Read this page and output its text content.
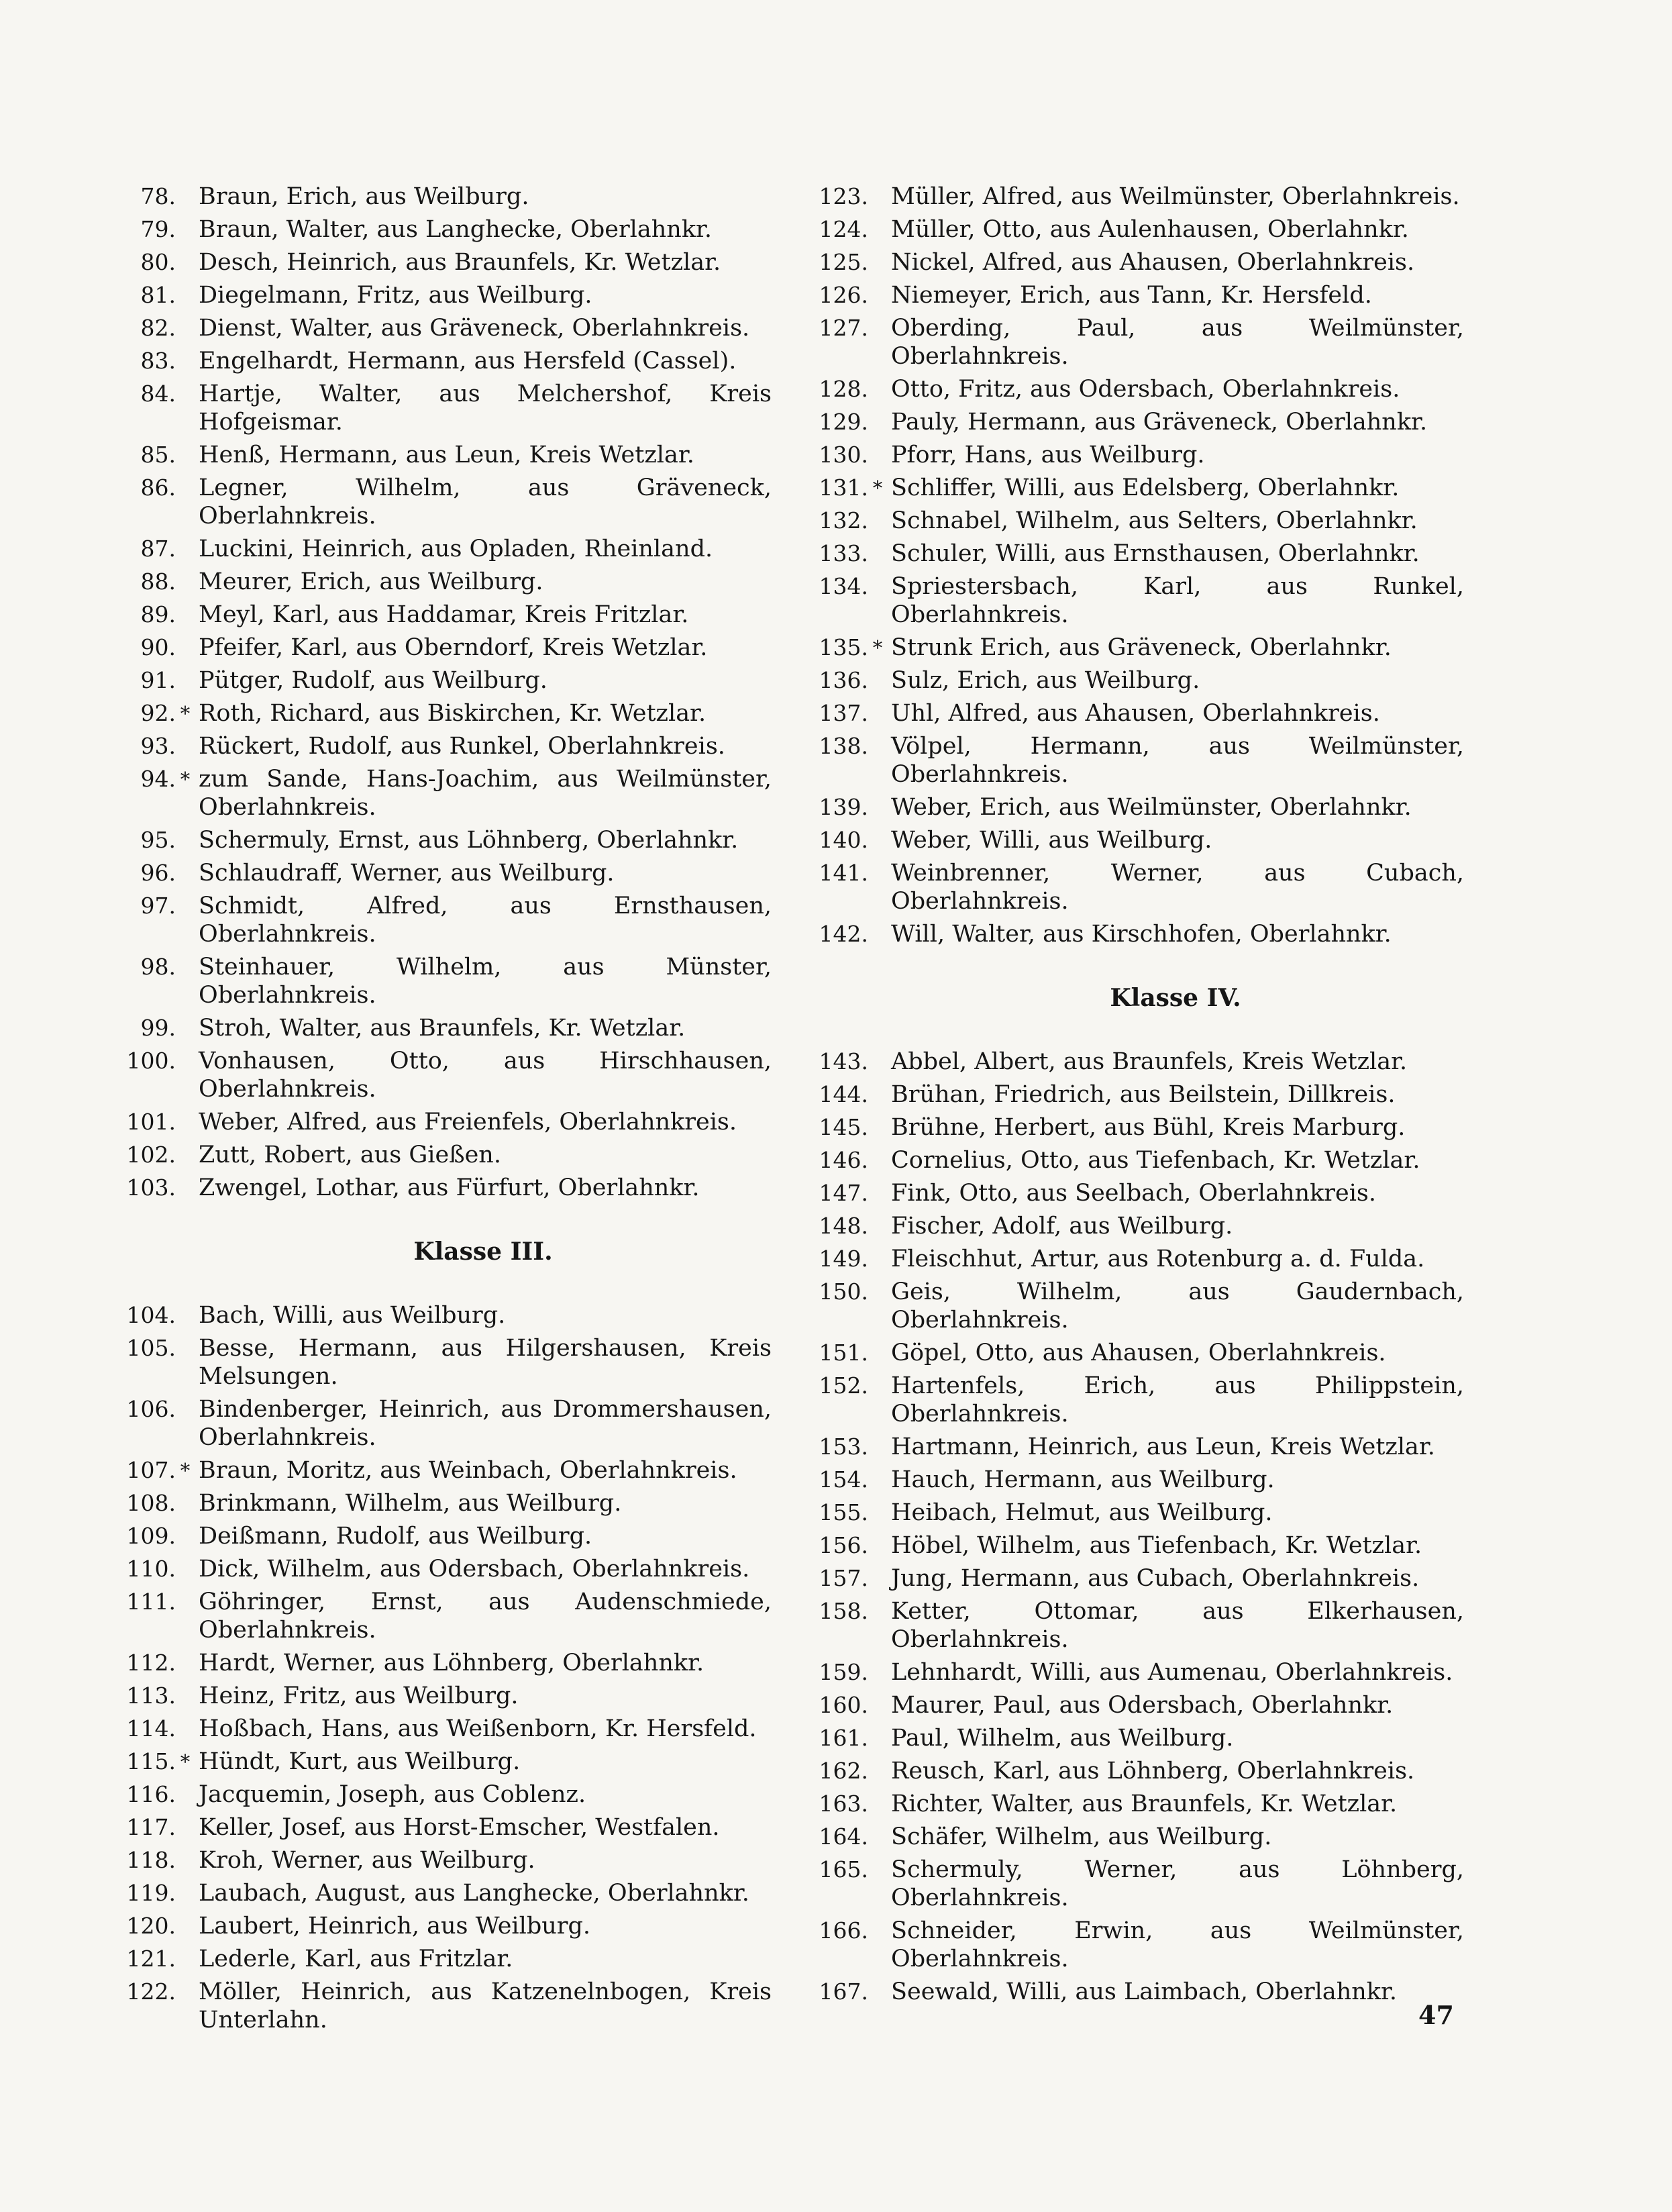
78. Braun, Erich, aus Weilburg.
79. Braun, Walter, aus Langhecke, Oberlahnkr.
80. Desch, Heinrich, aus Braunfels, Kr. Wetzlar.
81. Diegelmann, Fritz, aus Weilburg.
82. Dienst, Walter, aus Gräveneck, Oberlahnkreis.
83. Engelhardt, Hermann, aus Hersfeld (Cassel).
84. Hartje, Walter, aus Melchershof, Kreis Hofgeismar.
85. Henß, Hermann, aus Leun, Kreis Wetzlar.
86. Legner, Wilhelm, aus Gräveneck, Oberlahnkreis.
87. Luckini, Heinrich, aus Opladen, Rheinland.
88. Meurer, Erich, aus Weilburg.
89. Meyl, Karl, aus Haddamar, Kreis Fritzlar.
90. Pfeifer, Karl, aus Oberndorf, Kreis Wetzlar.
91. Pütger, Rudolf, aus Weilburg.
92. * Roth, Richard, aus Biskirchen, Kr. Wetzlar.
93. Rückert, Rudolf, aus Runkel, Oberlahnkreis.
94. * zum Sande, Hans-Joachim, aus Weilmünster, Oberlahnkreis.
95. Schermuly, Ernst, aus Löhnberg, Oberlahnkr.
96. Schlaudraff, Werner, aus Weilburg.
97. Schmidt, Alfred, aus Ernsthausen, Oberlahnkreis.
98. Steinhauer, Wilhelm, aus Münster, Oberlahnkreis.
99. Stroh, Walter, aus Braunfels, Kr. Wetzlar.
100. Vonhausen, Otto, aus Hirschhausen, Oberlahnkreis.
101. Weber, Alfred, aus Freienfels, Oberlahnkreis.
102. Zutt, Robert, aus Gießen.
103. Zwengel, Lothar, aus Fürfurt, Oberlahnkr.
Klasse III.
104. Bach, Willi, aus Weilburg.
105. Besse, Hermann, aus Hilgershausen, Kreis Melsungen.
106. Bindenberger, Heinrich, aus Drommershausen, Oberlahnkreis.
107. * Braun, Moritz, aus Weinbach, Oberlahnkreis.
108. Brinkmann, Wilhelm, aus Weilburg.
109. Deißmann, Rudolf, aus Weilburg.
110. Dick, Wilhelm, aus Odersbach, Oberlahnkreis.
111. Göhringer, Ernst, aus Audenschmiede, Oberlahnkreis.
112. Hardt, Werner, aus Löhnberg, Oberlahnkr.
113. Heinz, Fritz, aus Weilburg.
114. Hoßbach, Hans, aus Weißenborn, Kr. Hersfeld.
115. * Hündt, Kurt, aus Weilburg.
116. Jacquemin, Joseph, aus Coblenz.
117. Keller, Josef, aus Horst-Emscher, Westfalen.
118. Kroh, Werner, aus Weilburg.
119. Laubach, August, aus Langhecke, Oberlahnkr.
120. Laubert, Heinrich, aus Weilburg.
121. Lederle, Karl, aus Fritzlar.
122. Möller, Heinrich, aus Katzenelnbogen, Kreis Unterlahn.
123. Müller, Alfred, aus Weilmünster, Oberlahnkreis.
124. Müller, Otto, aus Aulenhausen, Oberlahnkr.
125. Nickel, Alfred, aus Ahausen, Oberlahnkreis.
126. Niemeyer, Erich, aus Tann, Kr. Hersfeld.
127. Oberding, Paul, aus Weilmünster, Oberlahnkreis.
128. Otto, Fritz, aus Odersbach, Oberlahnkreis.
129. Pauly, Hermann, aus Gräveneck, Oberlahnkr.
130. Pforr, Hans, aus Weilburg.
131. * Schliffer, Willi, aus Edelsberg, Oberlahnkr.
132. Schnabel, Wilhelm, aus Selters, Oberlahnkr.
133. Schuler, Willi, aus Ernsthausen, Oberlahnkr.
134. Spriestersbach, Karl, aus Runkel, Oberlahnkreis.
135. * Strunk Erich, aus Gräveneck, Oberlahnkr.
136. Sulz, Erich, aus Weilburg.
137. Uhl, Alfred, aus Ahausen, Oberlahnkreis.
138. Völpel, Hermann, aus Weilmünster, Oberlahnkreis.
139. Weber, Erich, aus Weilmünster, Oberlahnkr.
140. Weber, Willi, aus Weilburg.
141. Weinbrenner, Werner, aus Cubach, Oberlahnkreis.
142. Will, Walter, aus Kirschhofen, Oberlahnkr.
Klasse IV.
143. Abbel, Albert, aus Braunfels, Kreis Wetzlar.
144. Brühan, Friedrich, aus Beilstein, Dillkreis.
145. Brühne, Herbert, aus Bühl, Kreis Marburg.
146. Cornelius, Otto, aus Tiefenbach, Kr. Wetzlar.
147. Fink, Otto, aus Seelbach, Oberlahnkreis.
148. Fischer, Adolf, aus Weilburg.
149. Fleischhut, Artur, aus Rotenburg a. d. Fulda.
150. Geis, Wilhelm, aus Gaudernbach, Oberlahnkreis.
151. Göpel, Otto, aus Ahausen, Oberlahnkreis.
152. Hartenfels, Erich, aus Philippstein, Oberlahnkreis.
153. Hartmann, Heinrich, aus Leun, Kreis Wetzlar.
154. Hauch, Hermann, aus Weilburg.
155. Heibach, Helmut, aus Weilburg.
156. Höbel, Wilhelm, aus Tiefenbach, Kr. Wetzlar.
157. Jung, Hermann, aus Cubach, Oberlahnkreis.
158. Ketter, Ottomar, aus Elkerhausen, Oberlahnkreis.
159. Lehnhardt, Willi, aus Aumenau, Oberlahnkreis.
160. Maurer, Paul, aus Odersbach, Oberlahnkr.
161. Paul, Wilhelm, aus Weilburg.
162. Reusch, Karl, aus Löhnberg, Oberlahnkreis.
163. Richter, Walter, aus Braunfels, Kr. Wetzlar.
164. Schäfer, Wilhelm, aus Weilburg.
165. Schermuly, Werner, aus Löhnberg, Oberlahnkreis.
166. Schneider, Erwin, aus Weilmünster, Oberlahnkreis.
167. Seewald, Willi, aus Laimbach, Oberlahnkr.
47
